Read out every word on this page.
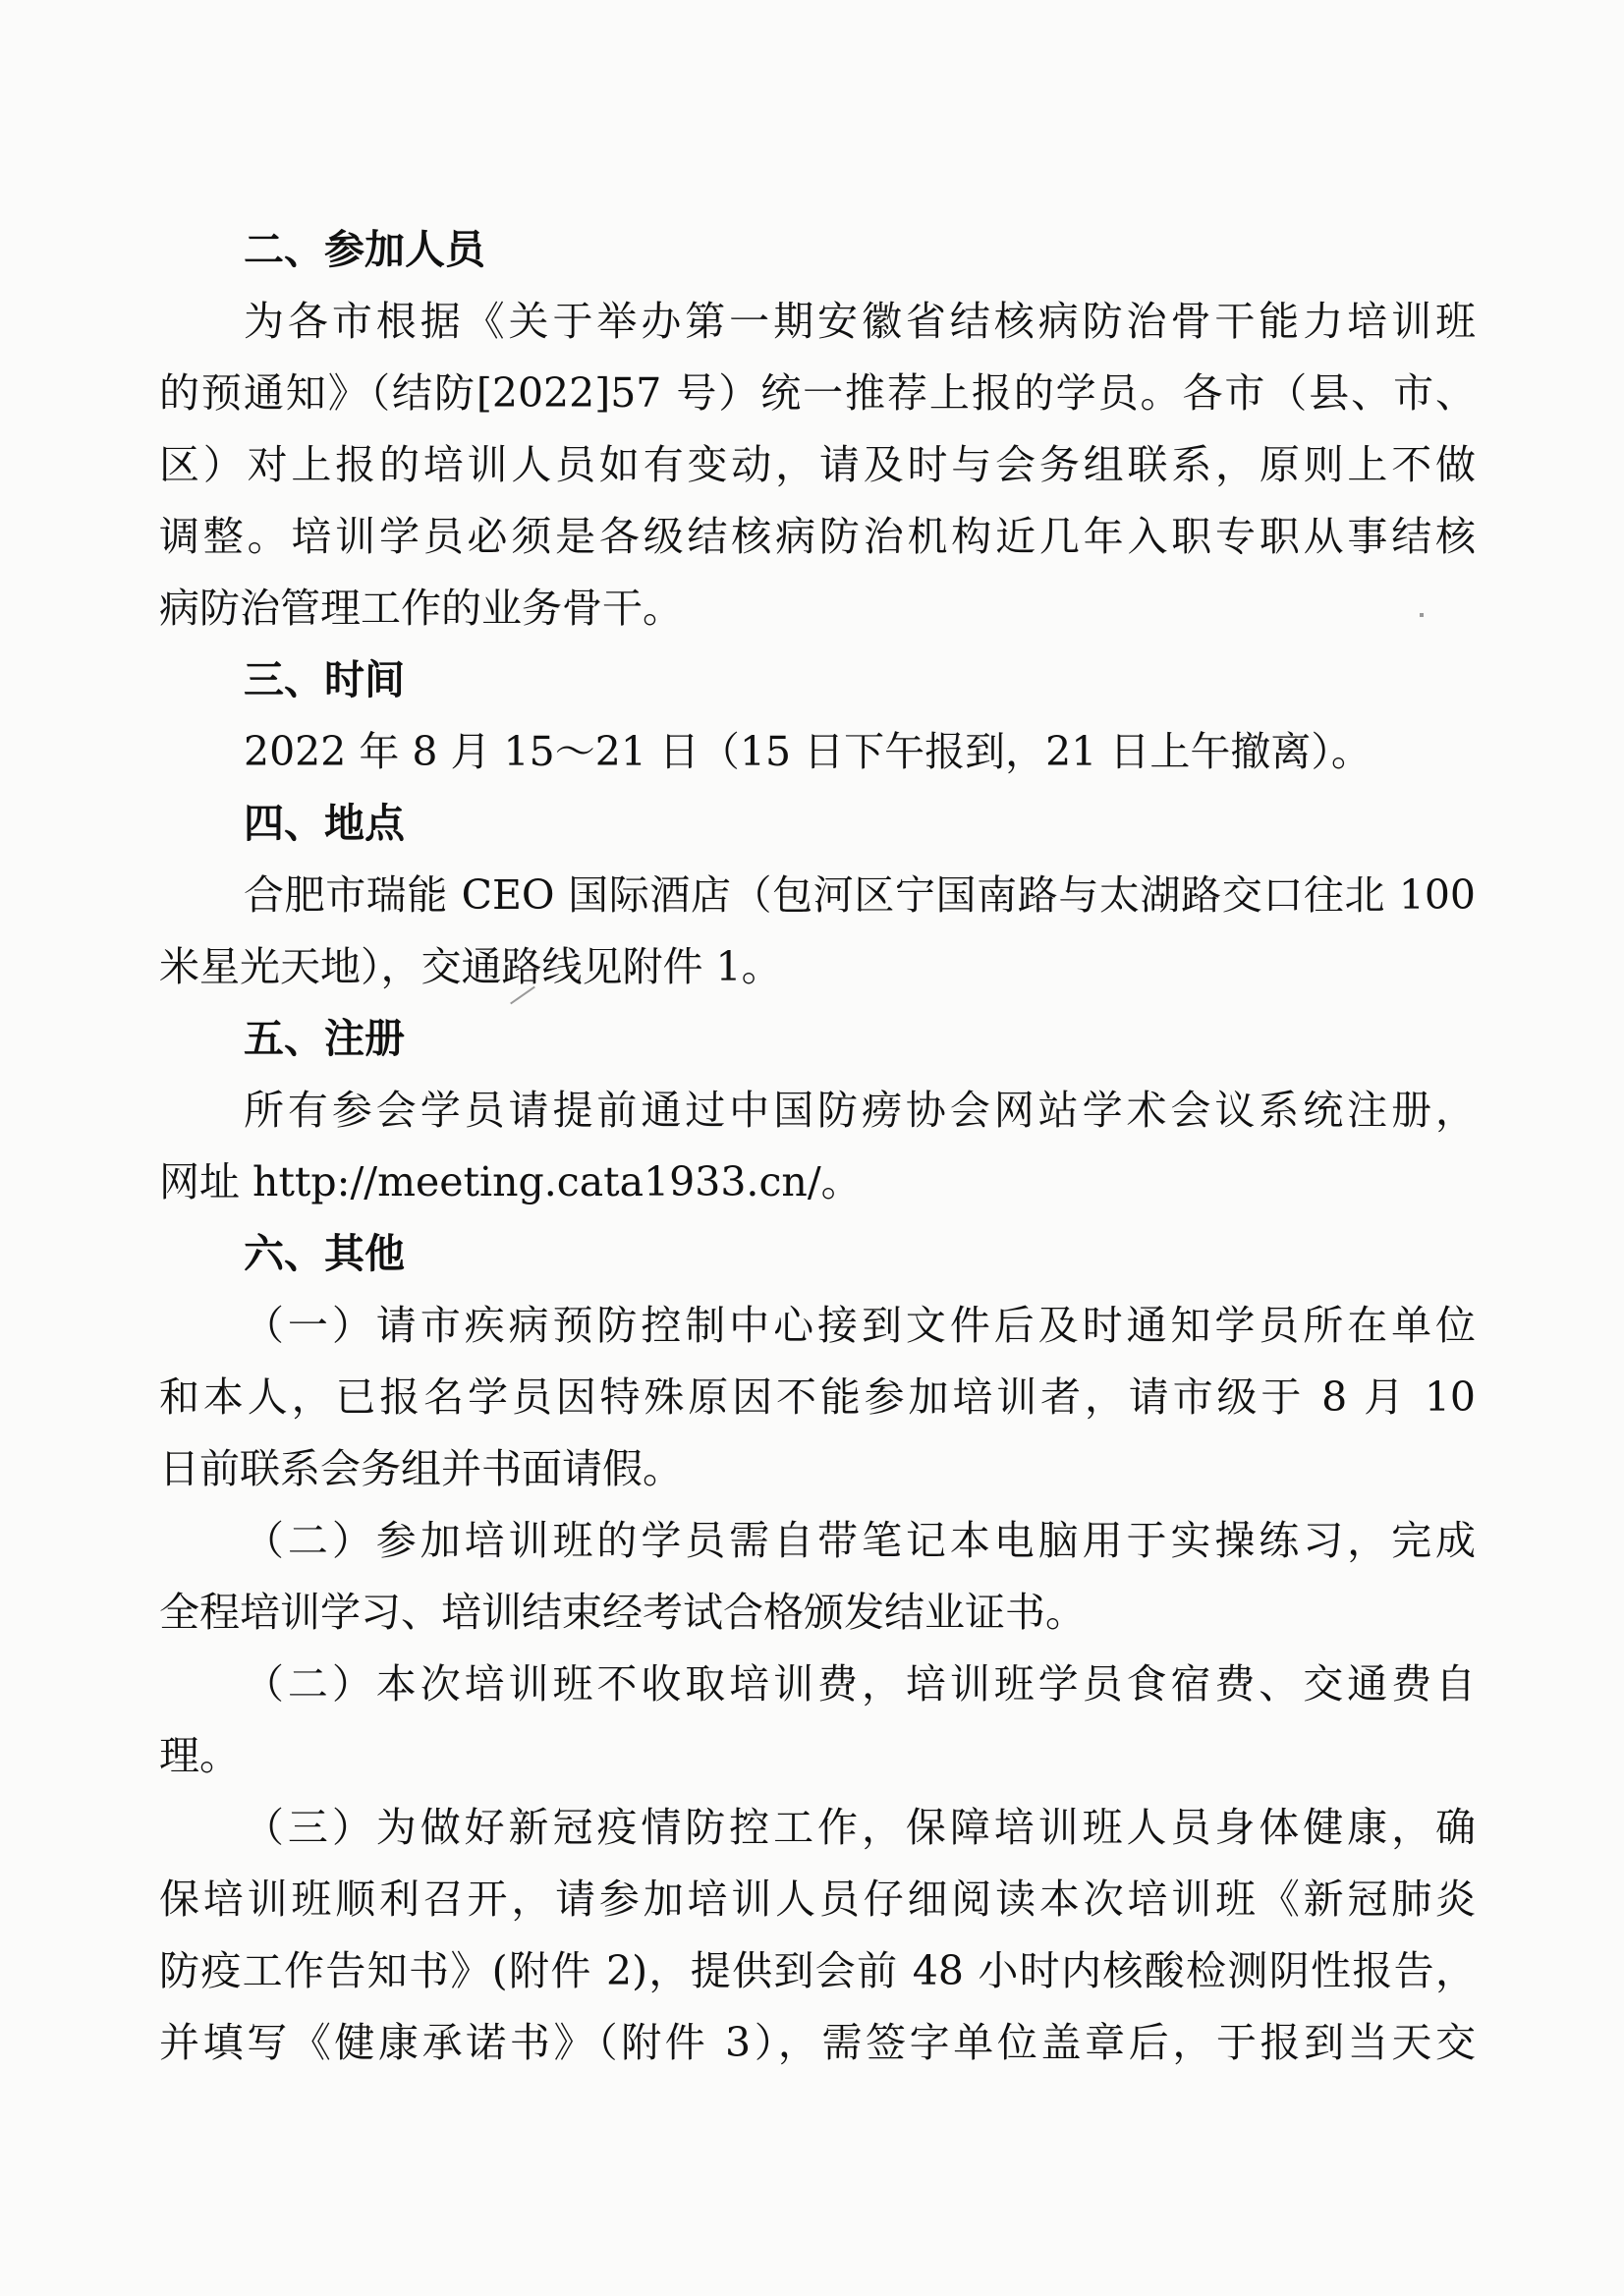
二、参加人员
为各市根据《关于举办第一期安徽省结核病防治骨干能力培训班
的预通知》（结防[2022]57 号）统一推荐上报的学员。各市（县、市、
区）对上报的培训人员如有变动，请及时与会务组联系，原则上不做
调整。培训学员必须是各级结核病防治机构近几年入职专职从事结核
病防治管理工作的业务骨干。
三、时间
2022 年 8 月 15～21 日（15 日下午报到，21 日上午撤离）。
四、地点
合肥市瑞能 CEO 国际酒店（包河区宁国南路与太湖路交口往北 100
米星光天地），交通路线见附件 1。
五、注册
所有参会学员请提前通过中国防痨协会网站学术会议系统注册，
网址 http://meeting.cata1933.cn/。
六、其他
（一）请市疾病预防控制中心接到文件后及时通知学员所在单位
和本人，已报名学员因特殊原因不能参加培训者，请市级于 8 月 10
日前联系会务组并书面请假。
（二）参加培训班的学员需自带笔记本电脑用于实操练习，完成
全程培训学习、培训结束经考试合格颁发结业证书。
（二）本次培训班不收取培训费，培训班学员食宿费、交通费自
理。
（三）为做好新冠疫情防控工作，保障培训班人员身体健康，确
保培训班顺利召开，请参加培训人员仔细阅读本次培训班《新冠肺炎
防疫工作告知书》(附件 2)，提供到会前 48 小时内核酸检测阴性报告，
并填写《健康承诺书》（附件 3），需签字单位盖章后，于报到当天交
